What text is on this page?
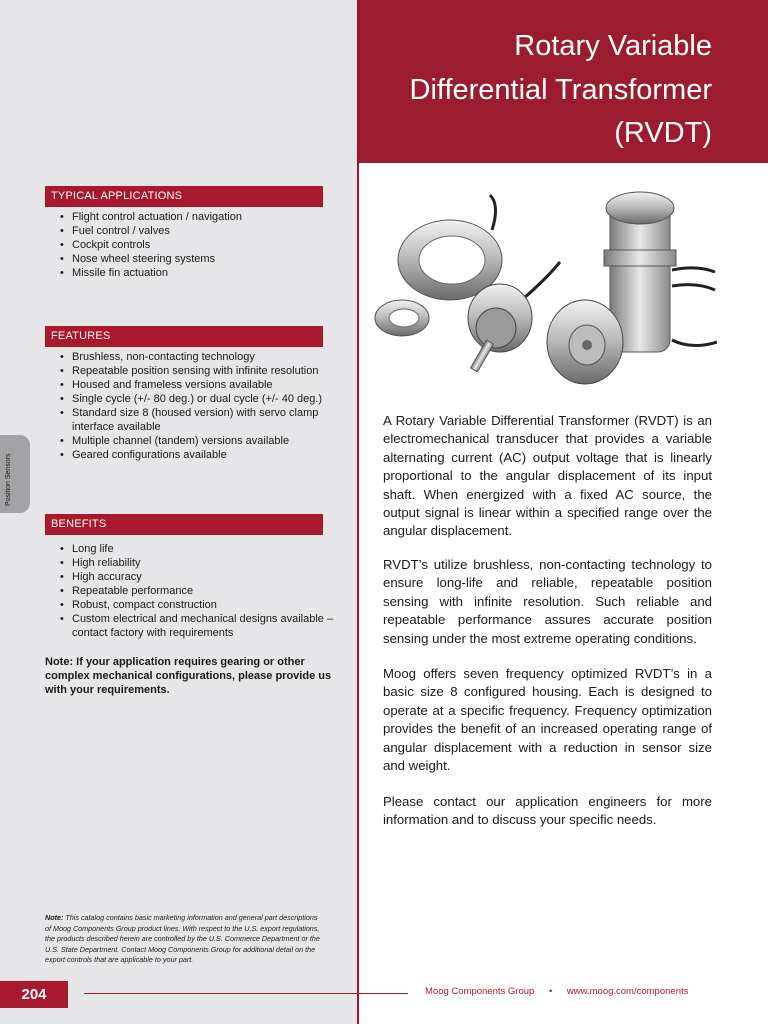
Rotary Variable
Differential Transformer
(RVDT)
Position Sensors
TYPICAL APPLICATIONS
• Flight control actuation / navigation
• Fuel control / valves
• Cockpit controls
• Nose wheel steering systems
• Missile fin actuation
FEATURES
• Brushless, non-contacting technology
• Repeatable position sensing with infinite resolution
• Housed and frameless versions available
• Single cycle (+/- 80 deg.) or dual cycle (+/- 40 deg.)
• Standard size 8 (housed version) with servo clamp interface available
• Multiple channel (tandem) versions available
• Geared configurations available
BENEFITS
• Long life
• High reliability
• High accuracy
• Repeatable performance
• Robust, compact construction
• Custom electrical and mechanical designs available – contact factory with requirements
Note: If your application requires gearing or other complex mechanical configurations, please provide us with your requirements.
Note: This catalog contains basic marketing information and general part descriptions of Moog Components Group product lines. With respect to the U.S. export regulations, the products described herein are controlled by the U.S. Commerce Department or the U.S. State Department. Contact Moog Components Group for additional detail on the export controls that are applicable to your part.
A Rotary Variable Differential Transformer (RVDT) is an electromechanical transducer that provides a variable alternating current (AC) output voltage that is linearly proportional to the angular displacement of its input shaft. When energized with a fixed AC source, the output signal is linear within a specified range over the angular displacement.
RVDT’s utilize brushless, non-contacting technology to ensure long-life and reliable, repeatable position sensing with infinite resolution. Such reliable and repeatable performance assures accurate position sensing under the most extreme operating conditions.
Moog offers seven frequency optimized RVDT’s in a basic size 8 configured housing. Each is designed to operate at a specific frequency. Frequency optimization provides the benefit of an increased operating range of angular displacement with a reduction in sensor size and weight.
Please contact our application engineers for more information and to discuss your specific needs.
204	Moog Components Group • www.moog.com/components
